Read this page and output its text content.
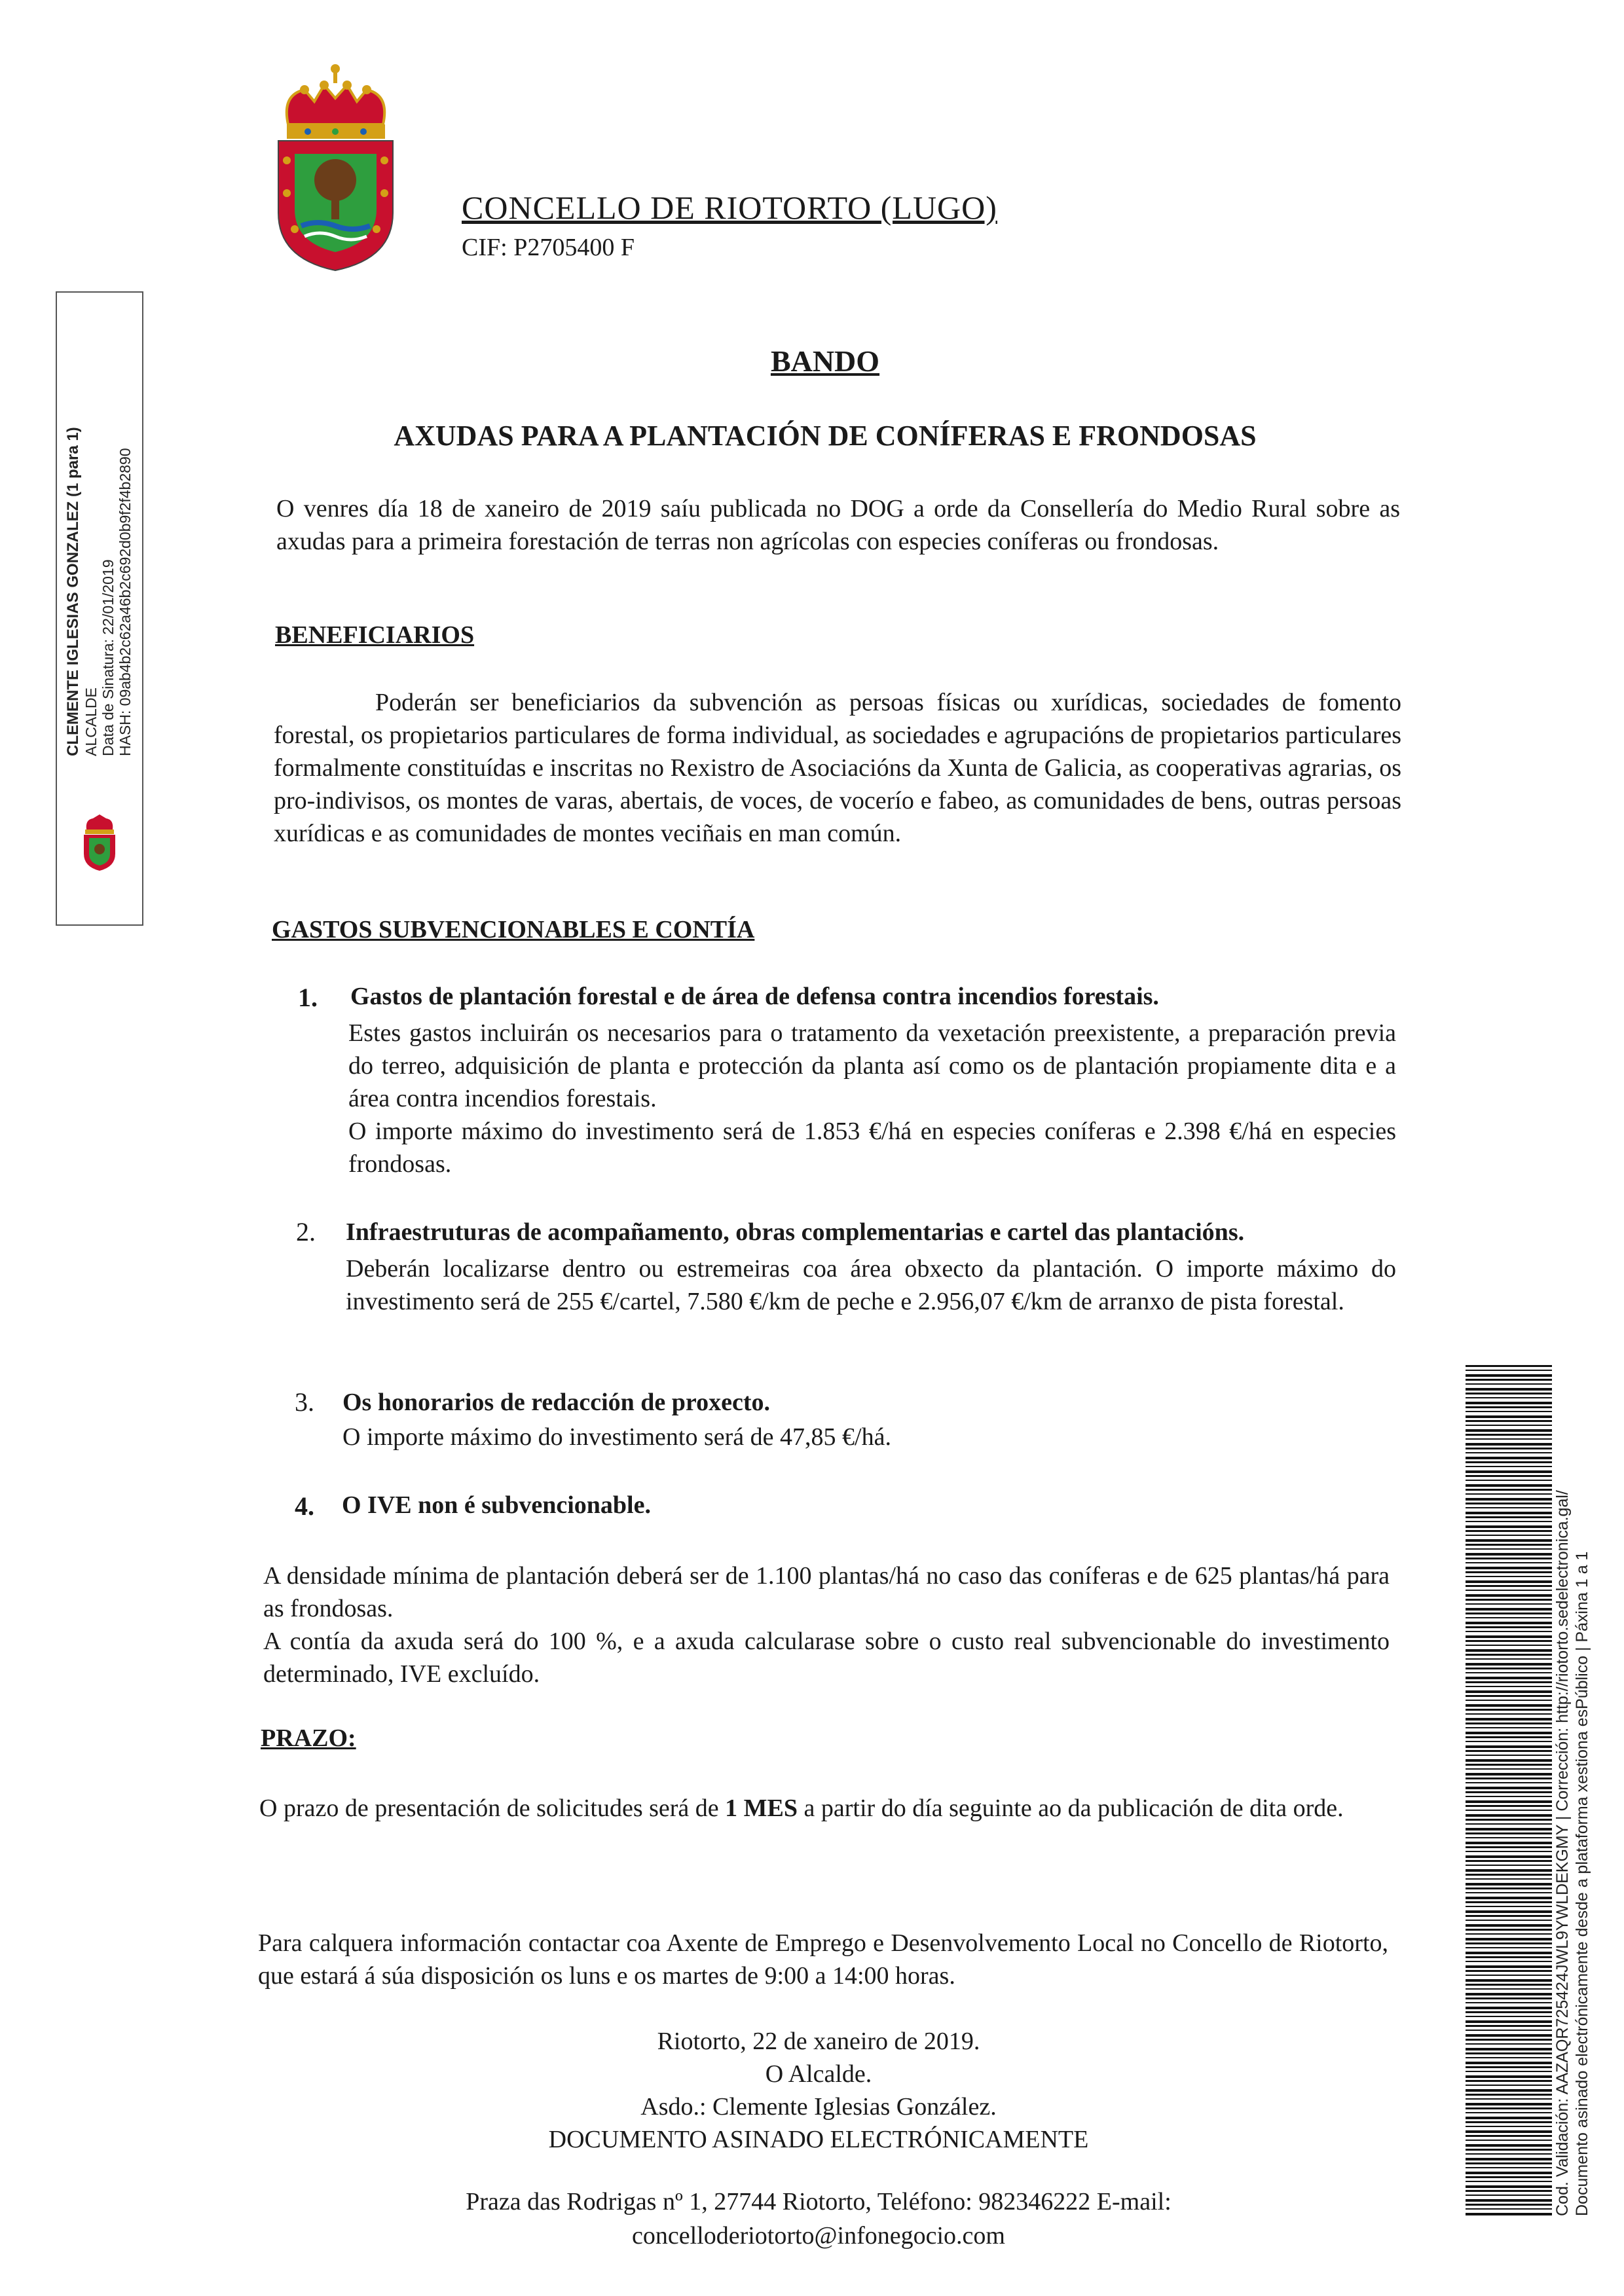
CONCELLO DE RIOTORTO (LUGO)
CIF: P2705400 F
CLEMENTE IGLESIAS GONZALEZ (1 para 1) ALCALDE Data de Sinatura: 22/01/2019 HASH: 09ab4b2c62a46b2c692d0b9f2f4b2890
BANDO
AXUDAS PARA A PLANTACIÓN DE CONÍFERAS E FRONDOSAS
O venres día 18 de xaneiro de 2019 saíu publicada no DOG a orde da Consellería do Medio Rural sobre as axudas para a primeira forestación de terras non agrícolas con especies coníferas ou frondosas.
BENEFICIARIOS
Poderán ser beneficiarios da subvención as persoas físicas ou xurídicas, sociedades de fomento forestal, os propietarios particulares de forma individual, as sociedades e agrupacións de propietarios particulares formalmente constituídas e inscritas no Rexistro de Asociacións da Xunta de Galicia, as cooperativas agrarias, os pro-indivisos, os montes de varas, abertais, de voces, de vocerío e fabeo, as comunidades de bens, outras persoas xurídicas e as comunidades de montes veciñais en man común.
GASTOS SUBVENCIONABLES E CONTÍA
1. Gastos de plantación forestal e de área de defensa contra incendios forestais.
Estes gastos incluirán os necesarios para o tratamento da vexetación preexistente, a preparación previa do terreo, adquisición de planta e protección da planta así como os de plantación propiamente dita e a área contra incendios forestais.
O importe máximo do investimento será de 1.853 €/há en especies coníferas e 2.398 €/há en especies frondosas.
2. Infraestruturas de acompañamento, obras complementarias e cartel das plantacións.
Deberán localizarse dentro ou estremeiras coa área obxecto da plantación. O importe máximo do investimento será de 255 €/cartel, 7.580 €/km de peche e 2.956,07 €/km de arranxo de pista forestal.
3. Os honorarios de redacción de proxecto.
O importe máximo do investimento será de 47,85 €/há.
4. O IVE non é subvencionable.
A densidade mínima de plantación deberá ser de 1.100 plantas/há no caso das coníferas e de 625 plantas/há para as frondosas.
A contía da axuda será do 100 %, e a axuda calcularase sobre o custo real subvencionable do investimento determinado, IVE excluído.
PRAZO:
O prazo de presentación de solicitudes será de 1 MES a partir do día seguinte ao da publicación de dita orde.
Para calquera información contactar coa Axente de Emprego e Desenvolvemento Local no Concello de Riotorto, que estará á súa disposición os luns e os martes de 9:00 a 14:00 horas.
Riotorto, 22 de xaneiro de 2019.
O Alcalde.
Asdo.: Clemente Iglesias González.
DOCUMENTO ASINADO ELECTRÓNICAMENTE
Praza das Rodrigas nº 1, 27744 Riotorto, Teléfono: 982346222 E-mail:
concelloderiotorto@infonegocio.com
Cod. Validación: AAZAQR725424JWL9YWLDEKGMY | Corrección: http://riotorto.sedelectronica.gal/ Documento asinado electrónicamente desde a plataforma xestiona esPúblico | Páxina 1 a 1
